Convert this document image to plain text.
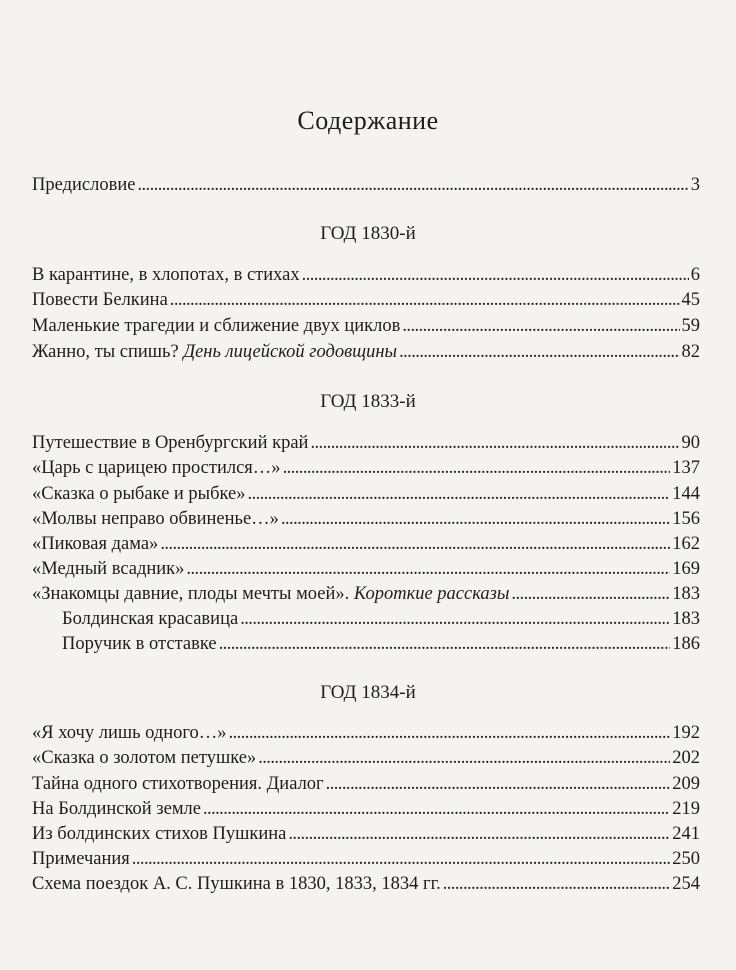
Содержание
Предисловие . . .	3
ГОД 1830-й
В карантине, в хлопотах, в стихах . . .	6
Повести Белкина . . .	45
Маленькие трагедии и сближение двух циклов . . .	59
Жанно, ты спишь? День лицейской годовщины . . .	82
ГОД 1833-й
Путешествие в Оренбургский край . . .	90
«Царь с царицею простился…» . . .	137
«Сказка о рыбаке и рыбке» . . .	144
«Молвы неправо обвиненье…» . . .	156
«Пиковая дама» . . .	162
«Медный всадник» . . .	169
«Знакомцы давние, плоды мечты моей». Короткие рассказы . . .	183
Болдинская красавица . . .	183
Поручик в отставке . . .	186
ГОД 1834-й
«Я хочу лишь одного…» . . .	192
«Сказка о золотом петушке» . . .	202
Тайна одного стихотворения. Диалог . . .	209
На Болдинской земле . . .	219
Из болдинских стихов Пушкина . . .	241
Примечания . . .	250
Схема поездок А. С. Пушкина в 1830, 1833, 1834 гг. . . .	254
